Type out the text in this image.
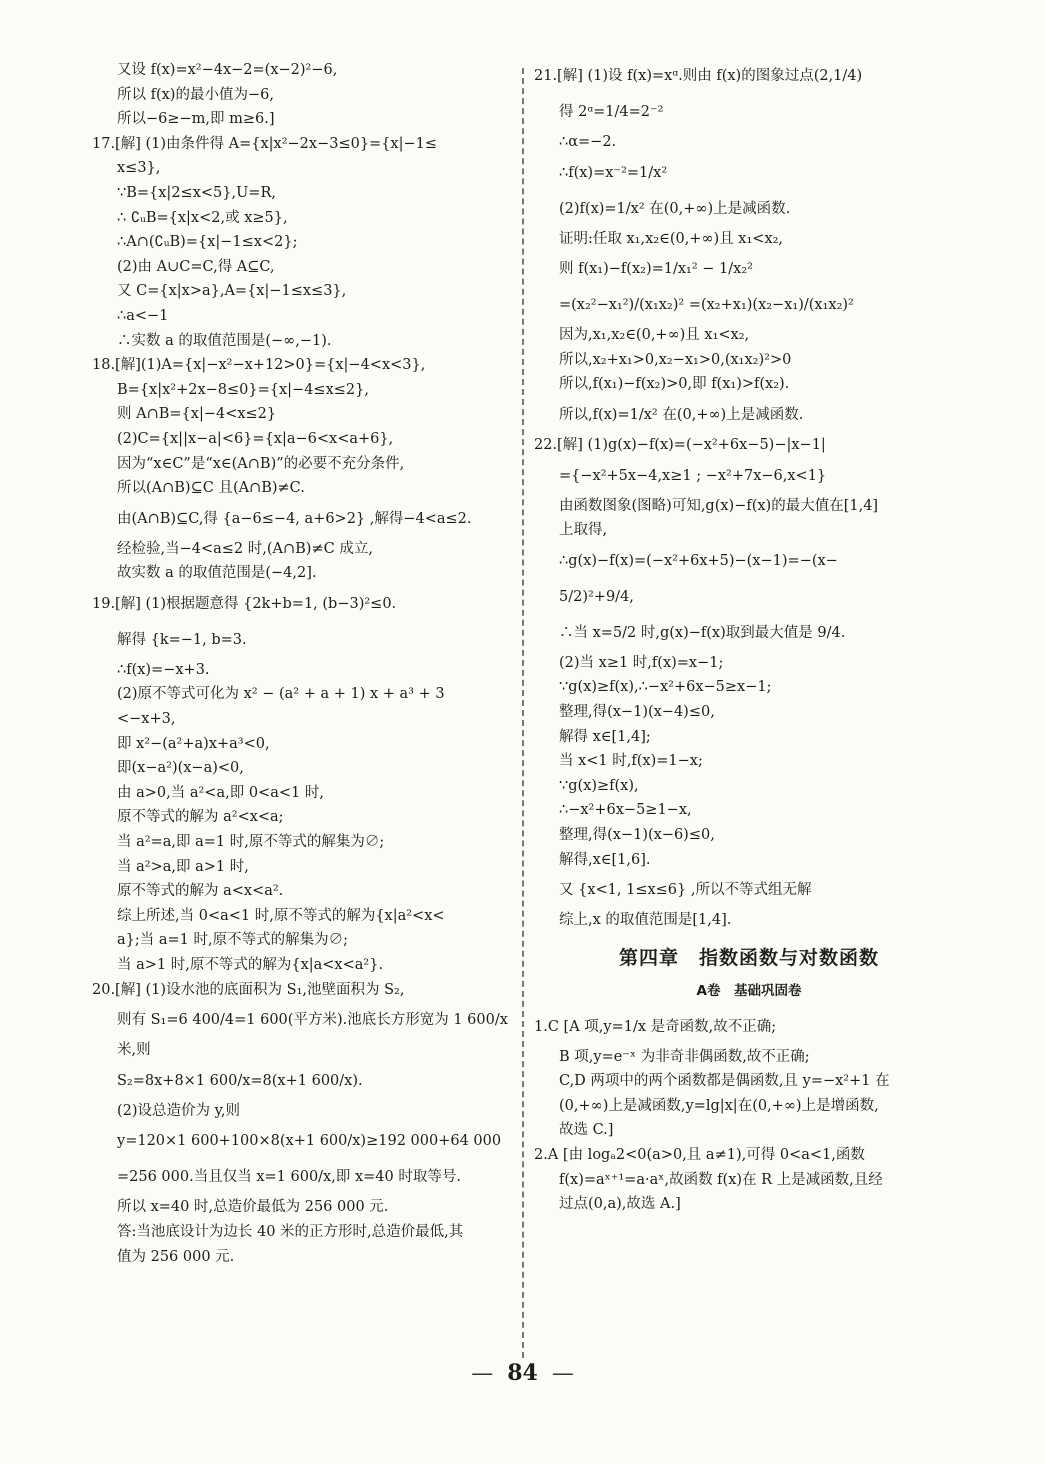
又设 f(x)=x²−4x−2=(x−2)²−6,
所以 f(x)的最小值为−6,
所以−6≥−m,即 m≥6.]
17.[解] (1)由条件得 A={x|x²−2x−3≤0}={x|−1≤
x≤3},
∵B={x|2≤x<5},U=R,
∴ ∁ᵤB={x|x<2,或 x≥5},
∴A∩(∁ᵤB)={x|−1≤x<2};
(2)由 A∪C=C,得 A⊆C,
又 C={x|x>a},A={x|−1≤x≤3},
∴a<−1
∴实数 a 的取值范围是(−∞,−1).
18.[解](1)A={x|−x²−x+12>0}={x|−4<x<3},
B={x|x²+2x−8≤0}={x|−4≤x≤2},
则 A∩B={x|−4<x≤2}
(2)C={x||x−a|<6}={x|a−6<x<a+6},
因为“x∈C”是“x∈(A∩B)”的必要不充分条件,
所以(A∩B)⊆C 且(A∩B)≠C.
由(A∩B)⊆C,得 {a−6≤−4, a+6>2} ,解得−4<a≤2.
经检验,当−4<a≤2 时,(A∩B)≠C 成立,
故实数 a 的取值范围是(−4,2].
19.[解] (1)根据题意得 {2k+b=1, (b−3)²≤0.
解得 {k=−1, b=3.
∴f(x)=−x+3.
(2)原不等式可化为 x² − (a² + a + 1) x + a³ + 3
<−x+3,
即 x²−(a²+a)x+a³<0,
即(x−a²)(x−a)<0,
由 a>0,当 a²<a,即 0<a<1 时,
原不等式的解为 a²<x<a;
当 a²=a,即 a=1 时,原不等式的解集为∅;
当 a²>a,即 a>1 时,
原不等式的解为 a<x<a².
综上所述,当 0<a<1 时,原不等式的解为{x|a²<x<
a};当 a=1 时,原不等式的解集为∅;
当 a>1 时,原不等式的解为{x|a<x<a²}.
20.[解] (1)设水池的底面积为 S₁,池壁面积为 S₂,
则有 S₁=6 400/4=1 600(平方米).池底长方形宽为 1 600/x
米,则
S₂=8x+8×1 600/x=8(x+1 600/x).
(2)设总造价为 y,则
y=120×1 600+100×8(x+1 600/x)≥192 000+64 000
=256 000.当且仅当 x=1 600/x,即 x=40 时取等号.
所以 x=40 时,总造价最低为 256 000 元.
答:当池底设计为边长 40 米的正方形时,总造价最低,其
值为 256 000 元.
21.[解] (1)设 f(x)=xᵅ.则由 f(x)的图象过点(2,1/4)
得 2ᵅ=1/4=2⁻²
∴α=−2.
∴f(x)=x⁻²=1/x²
(2)f(x)=1/x² 在(0,+∞)上是减函数.
证明:任取 x₁,x₂∈(0,+∞)且 x₁<x₂,
则 f(x₁)−f(x₂)=1/x₁² − 1/x₂²
=(x₂²−x₁²)/(x₁x₂)² =(x₂+x₁)(x₂−x₁)/(x₁x₂)²
因为,x₁,x₂∈(0,+∞)且 x₁<x₂,
所以,x₂+x₁>0,x₂−x₁>0,(x₁x₂)²>0
所以,f(x₁)−f(x₂)>0,即 f(x₁)>f(x₂).
所以,f(x)=1/x² 在(0,+∞)上是减函数.
22.[解] (1)g(x)−f(x)=(−x²+6x−5)−|x−1|
={−x²+5x−4,x≥1 ; −x²+7x−6,x<1}
由函数图象(图略)可知,g(x)−f(x)的最大值在[1,4]
上取得,
∴g(x)−f(x)=(−x²+6x+5)−(x−1)=−(x−
5/2)²+9/4,
∴当 x=5/2 时,g(x)−f(x)取到最大值是 9/4.
(2)当 x≥1 时,f(x)=x−1;
∵g(x)≥f(x),∴−x²+6x−5≥x−1;
整理,得(x−1)(x−4)≤0,
解得 x∈[1,4];
当 x<1 时,f(x)=1−x;
∵g(x)≥f(x),
∴−x²+6x−5≥1−x,
整理,得(x−1)(x−6)≤0,
解得,x∈[1,6].
又 {x<1, 1≤x≤6} ,所以不等式组无解
综上,x 的取值范围是[1,4].
第四章　指数函数与对数函数
A卷　基础巩固卷
1.C [A 项,y=1/x 是奇函数,故不正确;
B 项,y=e⁻ˣ 为非奇非偶函数,故不正确;
C,D 两项中的两个函数都是偶函数,且 y=−x²+1 在
(0,+∞)上是减函数,y=lg|x|在(0,+∞)上是增函数,
故选 C.]
2.A [由 logₐ2<0(a>0,且 a≠1),可得 0<a<1,函数
f(x)=aˣ⁺¹=a·aˣ,故函数 f(x)在 R 上是减函数,且经
过点(0,a),故选 A.]
— 84 —
